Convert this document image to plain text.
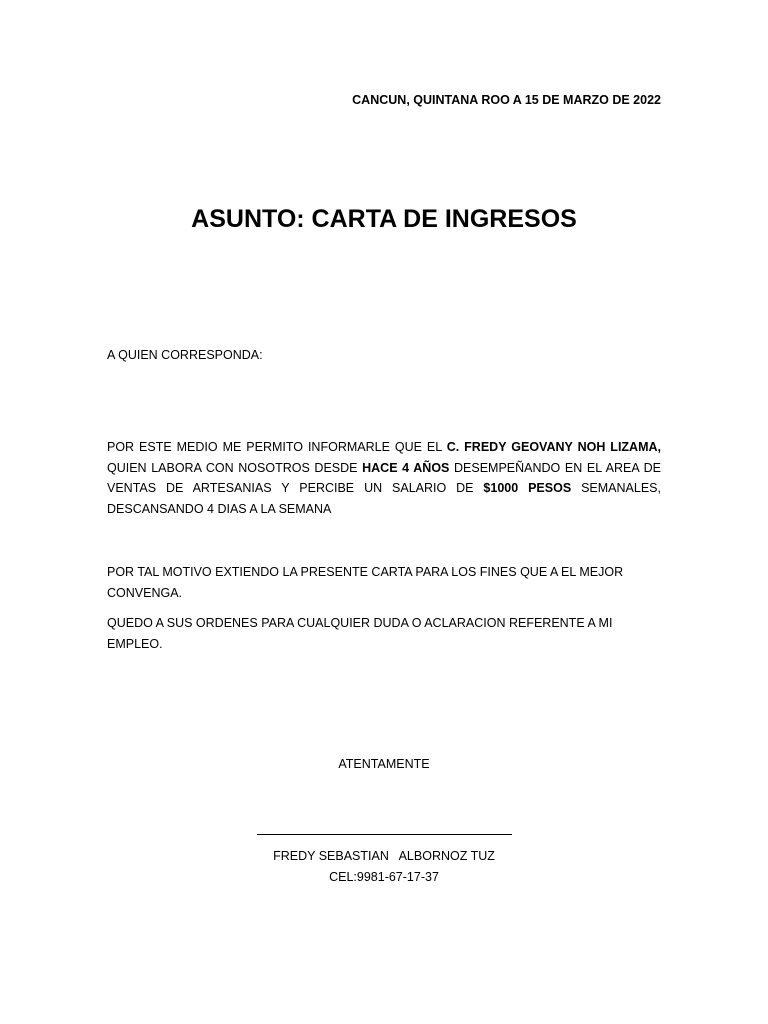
CANCUN, QUINTANA ROO A 15 DE MARZO DE 2022
ASUNTO: CARTA DE INGRESOS
A QUIEN CORRESPONDA:
POR ESTE MEDIO ME PERMITO INFORMARLE QUE EL C. FREDY GEOVANY NOH LIZAMA, QUIEN LABORA CON NOSOTROS DESDE HACE 4 AÑOS DESEMPEÑANDO EN EL AREA DE VENTAS DE ARTESANIAS Y PERCIBE UN SALARIO DE $1000 PESOS SEMANALES, DESCANSANDO 4 DIAS A LA SEMANA
POR TAL MOTIVO EXTIENDO LA PRESENTE CARTA PARA LOS FINES QUE A EL MEJOR CONVENGA.
QUEDO A SUS ORDENES PARA CUALQUIER DUDA O ACLARACION REFERENTE A MI EMPLEO.
ATENTAMENTE
FREDY SEBASTIAN   ALBORNOZ TUZ
CEL:9981-67-17-37
